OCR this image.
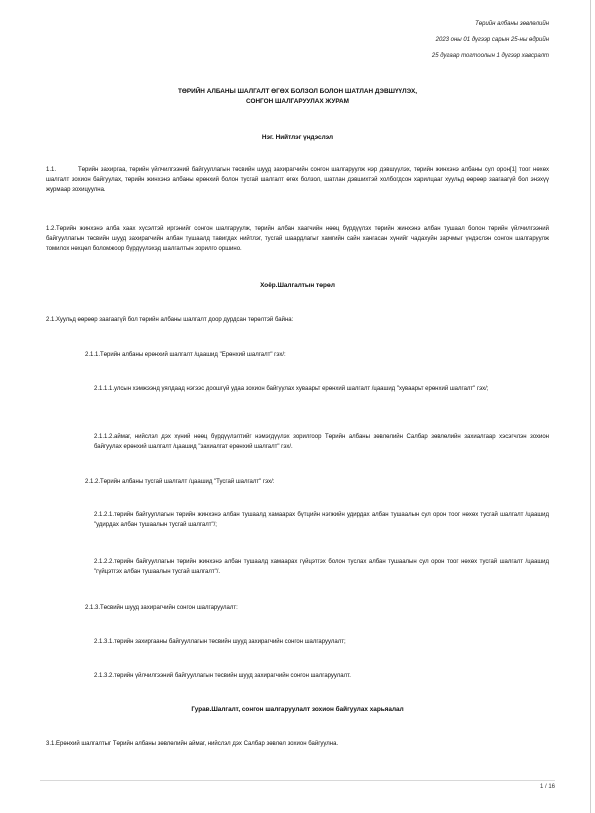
Төрийн албаны зөвлөлийн
2023 оны 01 дүгээр сарын 25-ны өдрийн
25 дугаар тогтоолын 1 дүгээр хавсралт
ТӨРИЙН АЛБАНЫ ШАЛГАЛТ ӨГӨХ БОЛЗОЛ БОЛОН ШАТЛАН ДЭВШҮҮЛЭХ,
СОНГОН ШАЛГАРУУЛАХ ЖУРАМ
Нэг. Нийтлэг үндэслэл
1.1.	Төрийн захиргаа, төрийн үйлчилгээний байгууллагын төсвийн шууд захирагчийн сонгон шалгаруулж нэр дэвшүүлэх, төрийн жинхэнэ албаны сул орон[1] тоог нөхөх шалгалт зохион байгуулах, төрийн жинхэнэ албаны ерөнхий болон тусгай шалгалт өгөх болзол, шатлан дэвшихтэй холбогдсон харилцааг хуульд өөрөөр заагаагүй бол энэхүү журмаар зохицуулна.
1.2.Төрийн жинхэнэ алба хаах хүсэлтэй иргэнийг сонгон шалгаруулж, төрийн албан хаагчийн нөөц бүрдүүлэх төрийн жинхэнэ албан тушаал болон төрийн үйлчилгээний байгууллагын төсвийн шууд захирагчийн албан тушаалд тавигдах нийтлэг, тусгай шаардлагыг хамгийн сайн хангасан хүнийг чадахуйн зарчмыг үндэслэн сонгон шалгаруулж томилох нөхцөл боломжоор бүрдүүлэхэд шалгалтын зорилго оршино.
Хоёр.Шалгалтын төрөл
2.1.Хуульд өөрөөр заагаагүй бол төрийн албаны шалгалт доор дурдсан төрөлтэй байна:
2.1.1.Төрийн албаны ерөнхий шалгалт /цаашид "Ерөнхий шалгалт" гэх/:
2.1.1.1.улсын хэмжээнд уялдаад нэгээс доошгүй удаа зохион байгуулах хуваарьт ерөнхий шалгалт /цаашид "хуваарьт ерөнхий шалгалт" гэх/;
2.1.1.2.аймаг, нийслэл дэх хүний нөөц бүрдүүлэлтийг нэмэгдүүлэх зорилгоор Төрийн албаны зөвлөлийн Салбар зөвлөлийн захиалгаар хэсэгчлэн зохион байгуулах ерөнхий шалгалт /цаашид "захиалгат ерөнхий шалгалт" гэх/.
2.1.2.Төрийн албаны тусгай шалгалт /цаашид "Тусгай шалгалт" гэх/:
2.1.2.1.төрийн байгууллагын төрийн жинхэнэ албан тушаалд хамаарах бүтцийн нэгжийн удирдах албан тушаалын сул орон тоог нөхөх тусгай шалгалт /цаашид "удирдах албан тушаалын тусгай шалгалт"/;
2.1.2.2.төрийн байгууллагын төрийн жинхэнэ албан тушаалд хамаарах гүйцэтгэх болон туслах албан тушаалын сул орон тоог нөхөх тусгай шалгалт /цаашид "гүйцэтгэх албан тушаалын тусгай шалгалт"/.
2.1.3.Төсвийн шууд захирагчийн сонгон шалгаруулалт:
2.1.3.1.төрийн захиргааны байгууллагын төсвийн шууд захирагчийн сонгон шалгаруулалт;
2.1.3.2.төрийн үйлчилгээний байгууллагын төсвийн шууд захирагчийн сонгон шалгаруулалт.
Гурав.Шалгалт, сонгон шалгаруулалт зохион байгуулах харьяалал
3.1.Ерөнхий шалгалтыг Төрийн албаны зөвлөлийн аймаг, нийслэл дэх Салбар зөвлөл зохион байгуулна.
1 / 16
